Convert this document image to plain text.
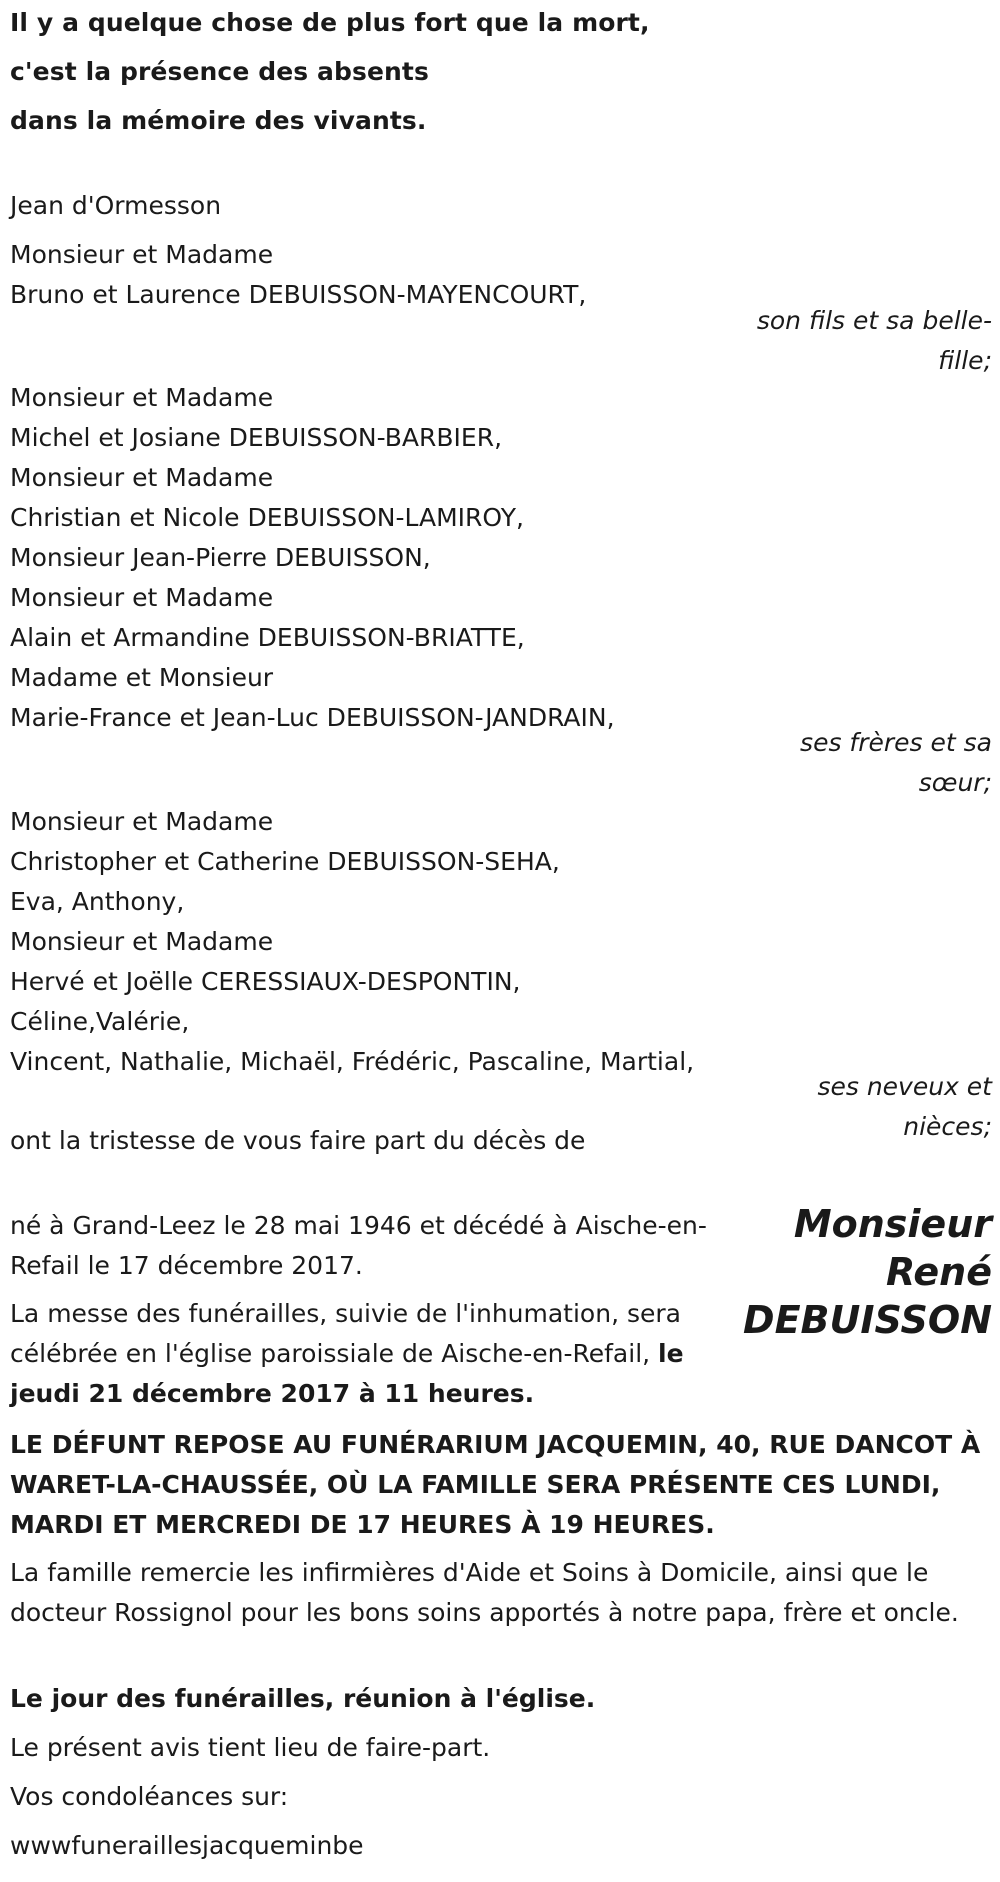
Il y a quelque chose de plus fort que la mort,
c'est la présence des absents
dans la mémoire des vivants.
Jean d'Ormesson
Monsieur et Madame
Bruno et Laurence DEBUISSON-MAYENCOURT,
son fils et sa belle-fille;
Monsieur et Madame
Michel et Josiane DEBUISSON-BARBIER,
Monsieur et Madame
Christian et Nicole DEBUISSON-LAMIROY,
Monsieur Jean-Pierre DEBUISSON,
Monsieur et Madame
Alain et Armandine DEBUISSON-BRIATTE,
Madame et Monsieur
Marie-France et Jean-Luc DEBUISSON-JANDRAIN,
ses frères et sa sœur;
Monsieur et Madame
Christopher et Catherine DEBUISSON-SEHA,
Eva, Anthony,
Monsieur et Madame
Hervé et Joëlle CERESSIAUX-DESPONTIN,
Céline,Valérie,
Vincent, Nathalie, Michaël, Frédéric, Pascaline, Martial,
ses neveux et nièces;
ont la tristesse de vous faire part du décès de
Monsieur
René
DEBUISSON
né à Grand-Leez le 28 mai 1946 et décédé à Aische-en-Refail le 17 décembre 2017.
La messe des funérailles, suivie de l'inhumation, sera célébrée en l'église paroissiale de Aische-en-Refail, le jeudi 21 décembre 2017 à 11 heures.
LE DÉFUNT REPOSE AU FUNÉRARIUM JACQUEMIN, 40, RUE DANCOT À WARET-LA-CHAUSSÉE, OÙ LA FAMILLE SERA PRÉSENTE CES LUNDI, MARDI ET MERCREDI DE 17 HEURES À 19 HEURES.
La famille remercie les infirmières d'Aide et Soins à Domicile, ainsi que le docteur Rossignol pour les bons soins apportés à notre papa, frère et oncle.
Le jour des funérailles, réunion à l'église.
Le présent avis tient lieu de faire-part.
Vos condoléances sur:
wwwfuneraillesjacqueminbe
